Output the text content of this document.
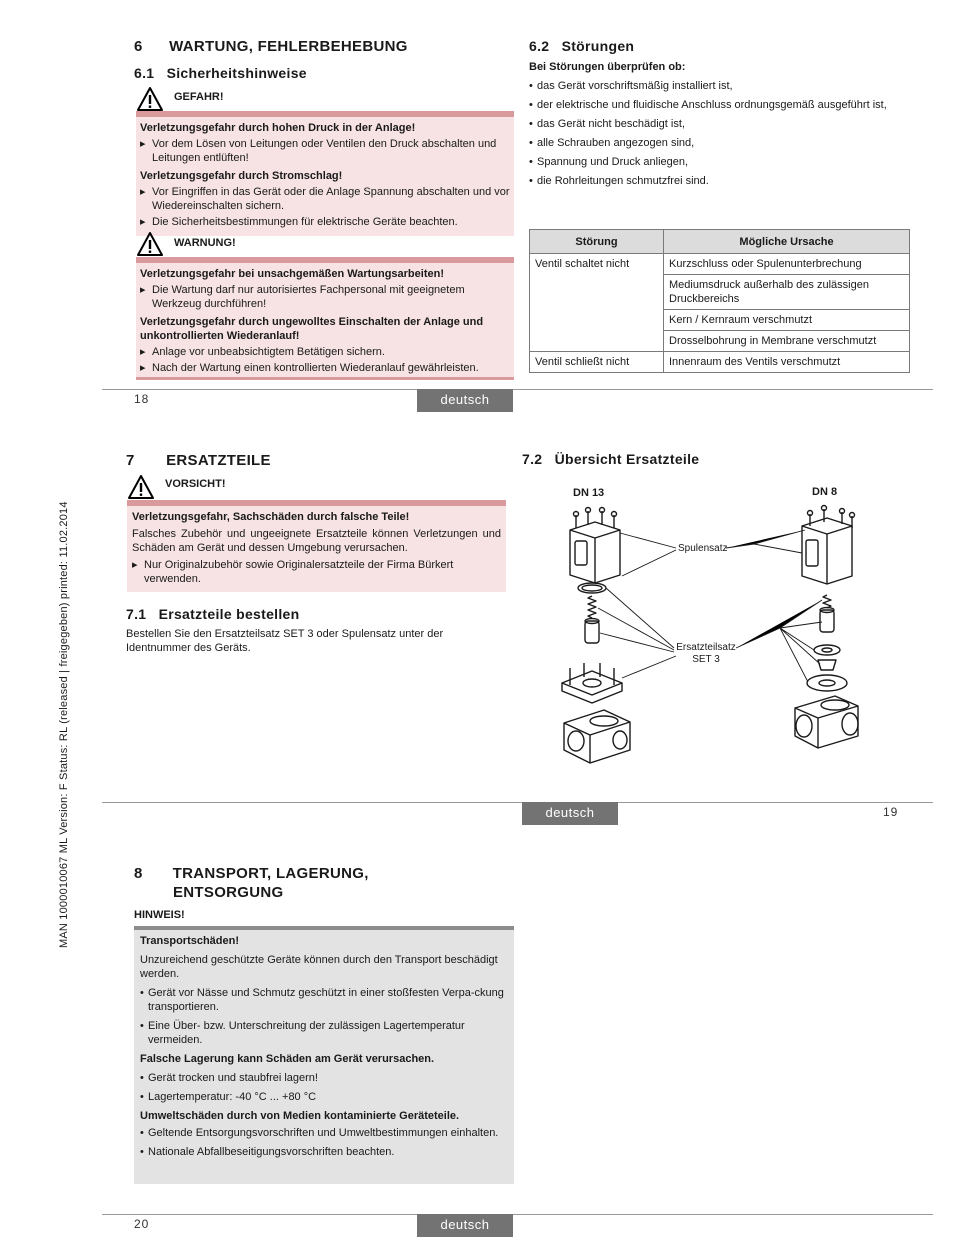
MAN 1000010067 ML Version: F Status: RL (released | freigegeben) printed: 11.02.2014
6 WARTUNG, FEHLERBEHEBUNG
6.1 Sicherheitshinweise
GEFAHR!
Verletzungsgefahr durch hohen Druck in der Anlage!
▸ Vor dem Lösen von Leitungen oder Ventilen den Druck abschalten und Leitungen entlüften!
Verletzungsgefahr durch Stromschlag!
▸ Vor Eingriffen in das Gerät oder die Anlage Spannung abschalten und vor Wiedereinschalten sichern.
▸ Die Sicherheitsbestimmungen für elektrische Geräte beachten.
WARNUNG!
Verletzungsgefahr bei unsachgemäßen Wartungsarbeiten!
▸ Die Wartung darf nur autorisiertes Fachpersonal mit geeignetem Werkzeug durchführen!
Verletzungsgefahr durch ungewolltes Einschalten der Anlage und unkontrollierten Wiederanlauf!
▸ Anlage vor unbeabsichtigtem Betätigen sichern.
▸ Nach der Wartung einen kontrollierten Wiederanlauf gewährleisten.
6.2 Störungen
Bei Störungen überprüfen ob:
• das Gerät vorschriftsmäßig installiert ist,
• der elektrische und fluidische Anschluss ordnungsgemäß ausgeführt ist,
• das Gerät nicht beschädigt ist,
• alle Schrauben angezogen sind,
• Spannung und Druck anliegen,
• die Rohrleitungen schmutzfrei sind.
Störung	Mögliche Ursache
Ventil schaltet nicht	Kurzschluss oder Spulenunterbrechung
	Mediumsdruck außerhalb des zulässigen Druckbereichs
	Kern / Kernraum verschmutzt
	Drosselbohrung in Membrane verschmutzt
Ventil schließt nicht	Innenraum des Ventils verschmutzt
18	deutsch
7 ERSATZTEILE
VORSICHT!
Verletzungsgefahr, Sachschäden durch falsche Teile!
Falsches Zubehör und ungeeignete Ersatzteile können Verletzungen und Schäden am Gerät und dessen Umgebung verursachen.
▸ Nur Originalzubehör sowie Originalersatzteile der Firma Bürkert verwenden.
7.1 Ersatzteile bestellen
Bestellen Sie den Ersatzteilsatz SET 3 oder Spulensatz unter der Identnummer des Geräts.
7.2 Übersicht Ersatzteile
DN 13	DN 8
Spulensatz
Ersatzteilsatz
SET 3
deutsch	19
8 TRANSPORT, LAGERUNG,
ENTSORGUNG
HINWEIS!
Transportschäden!
Unzureichend geschützte Geräte können durch den Transport beschädigt werden.
• Gerät vor Nässe und Schmutz geschützt in einer stoßfesten Verpa-ckung transportieren.
• Eine Über- bzw. Unterschreitung der zulässigen Lagertemperatur vermeiden.
Falsche Lagerung kann Schäden am Gerät verursachen.
• Gerät trocken und staubfrei lagern!
• Lagertemperatur: -40 °C ... +80 °C
Umweltschäden durch von Medien kontaminierte Geräteteile.
• Geltende Entsorgungsvorschriften und Umweltbestimmungen einhalten.
• Nationale Abfallbeseitigungsvorschriften beachten.
20	deutsch
